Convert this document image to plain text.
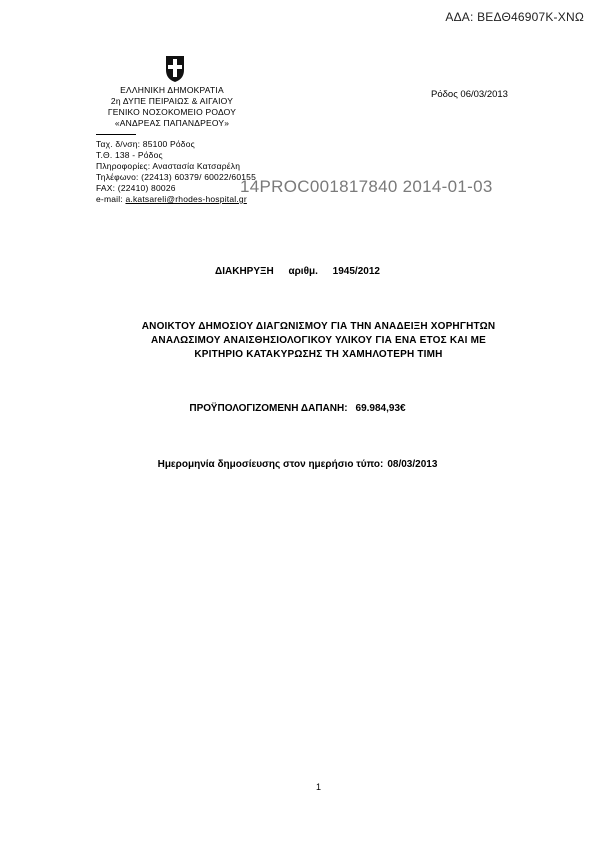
ΑΔΑ: ΒΕΔΘ46907Κ-ΧΝΩ
ΕΛΛΗΝΙΚΗ ΔΗΜΟΚΡΑΤΙΑ
2η ΔΥΠΕ ΠΕΙΡΑΙΩΣ & ΑΙΓΑΙΟΥ
ΓΕΝΙΚΟ ΝΟΣΟΚΟΜΕΙΟ ΡΟΔΟΥ
«ΑΝΔΡΕΑΣ ΠΑΠΑΝΔΡΕΟΥ»
Ταχ. δ/νση: 85100 Ρόδος
Τ.Θ. 138 - Ρόδος
Πληροφορίες: Αναστασία Κατσαρέλη
Τηλέφωνο: (22413) 60379/ 60022/60155
FAX: (22410) 80026
e-mail: a.katsareli@rhodes-hospital.gr
Ρόδος 06/03/2013
14PROC001817840 2014-01-03
ΔΙΑΚΗΡΥΞΗ αριθμ. 1945/2012
ΑΝΟΙΚΤΟΥ ΔΗΜΟΣΙΟΥ ΔΙΑΓΩΝΙΣΜΟΥ ΓΙΑ ΤΗΝ ΑΝΑΔΕΙΞΗ ΧΟΡΗΓΗΤΩΝ
ΑΝΑΛΩΣΙΜΟΥ ΑΝΑΙΣΘΗΣΙΟΛΟΓΙΚΟΥ ΥΛΙΚΟΥ ΓΙΑ ΕΝΑ ΕΤΟΣ ΚΑΙ ΜΕ
ΚΡΙΤΗΡΙΟ ΚΑΤΑΚΥΡΩΣΗΣ ΤΗ ΧΑΜΗΛΟΤΕΡΗ ΤΙΜΗ
ΠΡΟΫΠΟΛΟΓΙΖΟΜΕΝΗ ΔΑΠΑΝΗ: 69.984,93€
Ημερομηνία δημοσίευσης στον ημερήσιο τύπο: 08/03/2013
1
